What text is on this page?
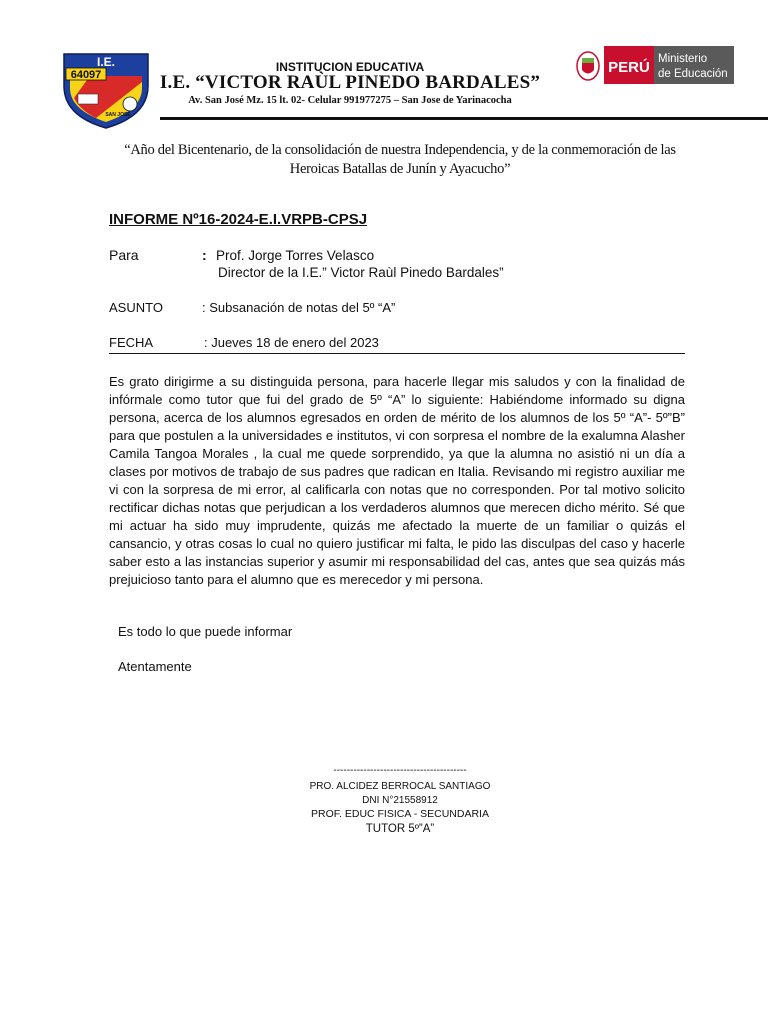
64097
I.E.
SAN JOSE
INSTITUCION EDUCATIVA
I.E. “VICTOR RAÙL PINEDO BARDALES”
Av. San José Mz. 15 lt. 02- Celular 991977275 – San Jose de Yarinacocha
PERÚ Ministerio
de Educación
“Año del Bicentenario, de la consolidación de nuestra Independencia, y de la conmemoración de las Heroicas Batallas de Junín y Ayacucho”
INFORME Nº16-2024-E.I.VRPB-CPSJ
Para	: Prof. Jorge Torres Velasco
Director de la I.E.” Victor Raùl Pinedo Bardales”
ASUNTO	: Subsanación de notas del 5º “A”
FECHA	: Jueves 18 de enero del 2023
Es grato dirigirme a su distinguida persona, para hacerle llegar mis saludos y con la finalidad de infórmale como tutor que fui del grado de 5º “A” lo siguiente: Habiéndome informado su digna persona, acerca de los alumnos egresados en orden de mérito de los alumnos de los 5º “A”- 5º”B” para que postulen a la universidades e institutos, vi con sorpresa el nombre de la exalumna Alasher Camila Tangoa Morales , la cual me quede sorprendido, ya que la alumna no asistió ni un día a clases por motivos de trabajo de sus padres que radican en Italia. Revisando mi registro auxiliar me vi con la sorpresa de mi error, al calificarla con notas que no corresponden. Por tal motivo solicito rectificar dichas notas que perjudican a los verdaderos alumnos que merecen dicho mérito. Sé que mi actuar ha sido muy imprudente, quizás me afectado la muerte de un familiar o quizás el cansancio, y otras cosas lo cual no quiero justificar mi falta, le pido las disculpas del caso y hacerle saber esto a las instancias superior y asumir mi responsabilidad del cas, antes que sea quizás más prejuicioso tanto para el alumno que es merecedor y mi persona.
Es todo lo que puede informar
Atentamente
----------------------------------------
PRO. ALCIDEZ BERROCAL SANTIAGO
DNI N°21558912
PROF. EDUC FISICA - SECUNDARIA
TUTOR 5º”A”
